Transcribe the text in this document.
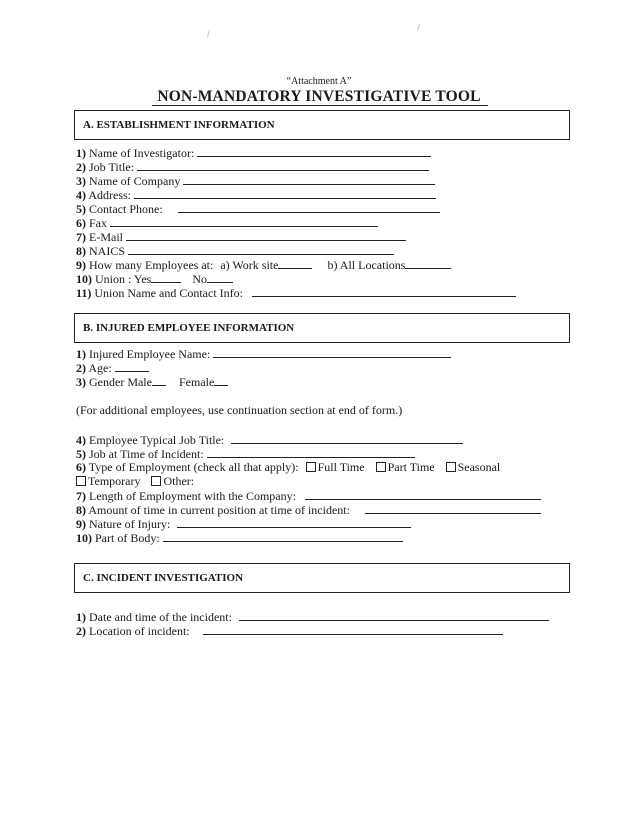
“Attachment A”
NON-MANDATORY INVESTIGATIVE TOOL
A. ESTABLISHMENT INFORMATION
1) Name of Investigator:
2) Job Title:
3) Name of Company
4) Address:
5) Contact Phone:
6) Fax
7) E-Mail
8) NAICS
9) How many Employees at: a) Work site	b) All Locations
10) Union : Yes	No
11) Union Name and Contact Info:
B. INJURED EMPLOYEE INFORMATION
1) Injured Employee Name:
2) Age:
3) Gender Male Female
(For additional employees, use continuation section at end of form.)
4) Employee Typical Job Title:
5) Job at Time of Incident:
6) Type of Employment (check all that apply): Full Time Part Time Seasonal
Temporary Other:
7) Length of Employment with the Company:
8) Amount of time in current position at time of incident:
9) Nature of Injury:
10) Part of Body:
C. INCIDENT INVESTIGATION
1) Date and time of the incident:
2) Location of incident:
